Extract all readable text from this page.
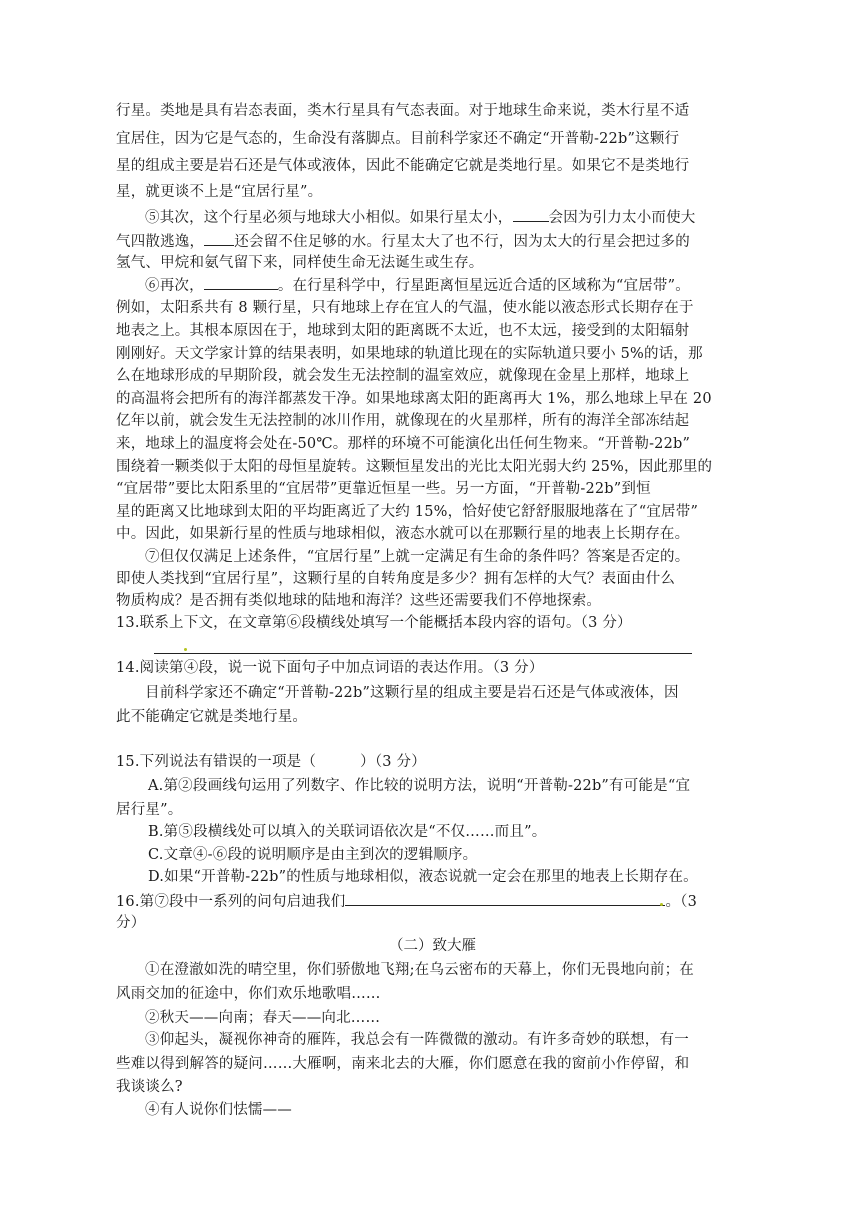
行星。类地是具有岩态表面，类木行星具有气态表面。对于地球生命来说，类木行星不适
宜居住，因为它是气态的，生命没有落脚点。目前科学家还不确定“开普勒-22b”这颗行
星的组成主要是岩石还是气体或液体，因此不能确定它就是类地行星。如果它不是类地行
星，就更谈不上是“宜居行星”。
⑤其次，这个行星必须与地球大小相似。如果行星太小， 会因为引力太小而使大
气四散逃逸， 还会留不住足够的水。行星太大了也不行，因为太大的行星会把过多的
氢气、甲烷和氨气留下来，同样使生命无法诞生或生存。
⑥再次，	。在行星科学中，行星距离恒星远近合适的区域称为“宜居带”。
例如，太阳系共有 8 颗行星，只有地球上存在宜人的气温，使水能以液态形式长期存在于
地表之上。其根本原因在于，地球到太阳的距离既不太近，也不太远，接受到的太阳辐射
刚刚好。天文学家计算的结果表明，如果地球的轨道比现在的实际轨道只要小 5%的话，那
么在地球形成的早期阶段，就会发生无法控制的温室效应，就像现在金星上那样，地球上
的高温将会把所有的海洋都蒸发干净。如果地球离太阳的距离再大 1%，那么地球上早在 20
亿年以前，就会发生无法控制的冰川作用，就像现在的火星那样，所有的海洋全部冻结起
来，地球上的温度将会处在-50℃。那样的环境不可能演化出任何生物来。“开普勒-22b”
围绕着一颗类似于太阳的母恒星旋转。这颗恒星发出的光比太阳光弱大约 25%，因此那里的
“宜居带”要比太阳系里的“宜居带”更靠近恒星一些。另一方面，“开普勒-22b”到恒
星的距离又比地球到太阳的平均距离近了大约 15%，恰好使它舒舒服服地落在了“宜居带”
中。因此，如果新行星的性质与地球相似，液态水就可以在那颗行星的地表上长期存在。
⑦但仅仅满足上述条件，“宜居行星”上就一定满足有生命的条件吗？答案是否定的。
即使人类找到“宜居行星”，这颗行星的自转角度是多少？拥有怎样的大气？表面由什么
物质构成？是否拥有类似地球的陆地和海洋？这些还需要我们不停地探索。
13.联系上下文，在文章第⑥段横线处填写一个能概括本段内容的语句。（3 分）
14.阅读第④段，说一说下面句子中加点词语的表达作用。（3 分）
目前科学家还不确定“开普勒-22b”这颗行星的组成主要是岩石还是气体或液体，因
此不能确定它就是类地行星。
15.下列说法有错误的一项是（　　　）（3 分）
A.第②段画线句运用了列数字、作比较的说明方法，说明“开普勒-22b”有可能是“宜
居行星”。
B.第⑤段横线处可以填入的关联词语依次是“不仅……而且”。
C.文章④-⑥段的说明顺序是由主到次的逻辑顺序。
D.如果“开普勒-22b”的性质与地球相似，液态说就一定会在那里的地表上长期存在。
16.第⑦段中一系列的问句启迪我们	。（3
分）
（二）致大雁
①在澄澈如洗的晴空里，你们骄傲地飞翔;在乌云密布的天幕上，你们无畏地向前；在
风雨交加的征途中，你们欢乐地歌唱……
②秋天——向南；春天——向北……
③仰起头，凝视你神奇的雁阵，我总会有一阵微微的激动。有许多奇妙的联想，有一
些难以得到解答的疑问……大雁啊，南来北去的大雁，你们愿意在我的窗前小作停留，和
我谈谈么?
④有人说你们怯懦——
